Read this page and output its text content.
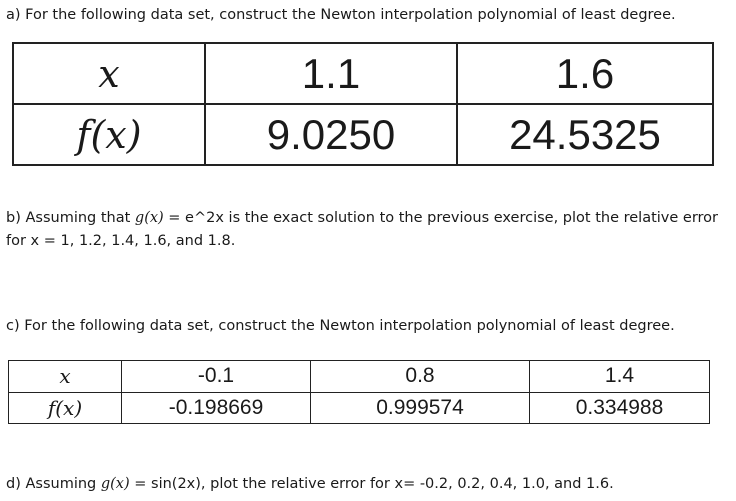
a) For the following data set, construct the Newton interpolation polynomial of least degree.
x	1.1	1.6
f(x)	9.0250	24.5325
b) Assuming that g(x) = e^2x is the exact solution to the previous exercise, plot the relative error for x = 1, 1.2, 1.4, 1.6, and 1.8.
c) For the following data set, construct the Newton interpolation polynomial of least degree.
x	-0.1	0.8	1.4
f(x)	-0.198669	0.999574	0.334988
d) Assuming g(x) = sin(2x), plot the relative error for x= -0.2, 0.2, 0.4, 1.0, and 1.6.
